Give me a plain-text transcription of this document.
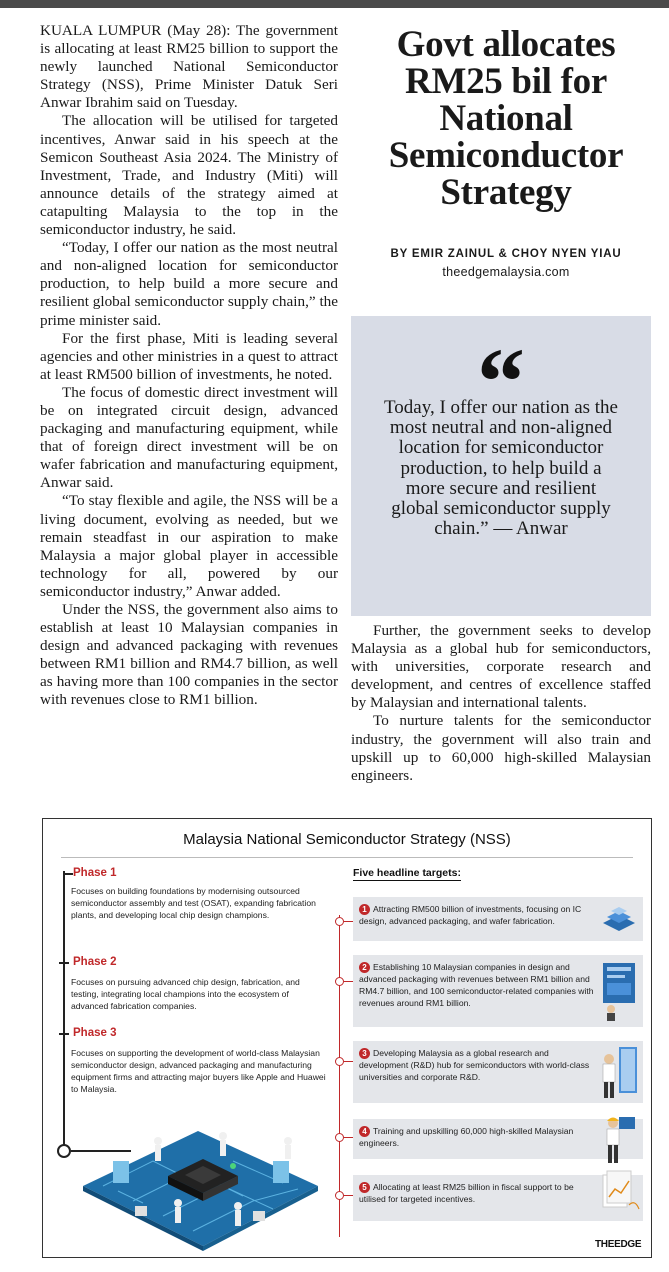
KUALA LUMPUR (May 28): The government is allocating at least RM25 billion to support the newly launched National Semiconductor Strategy (NSS), Prime Minister Datuk Seri Anwar Ibrahim said on Tuesday.

The allocation will be utilised for targeted incentives, Anwar said in his speech at the Semicon Southeast Asia 2024. The Ministry of Investment, Trade, and Industry (Miti) will announce details of the strategy aimed at catapulting Malaysia to the top in the semiconductor industry, he said.

“Today, I offer our nation as the most neutral and non-aligned location for semiconductor production, to help build a more secure and resilient global semiconductor supply chain,” the prime minister said.

For the first phase, Miti is leading several agencies and other ministries in a quest to attract at least RM500 billion of investments, he noted.

The focus of domestic direct investment will be on integrated circuit design, advanced packaging and manufacturing equipment, while that of foreign direct investment will be on wafer fabrication and manufacturing equipment, Anwar said.

“To stay flexible and agile, the NSS will be a living document, evolving as needed, but we remain steadfast in our aspiration to make Malaysia a major global player in accessible technology for all, powered by our semiconductor industry,” Anwar added.

Under the NSS, the government also aims to establish at least 10 Malaysian companies in design and advanced packaging with revenues between RM1 billion and RM4.7 billion, as well as having more than 100 companies in the sector with revenues close to RM1 billion.

Govt allocates RM25 bil for National Semiconductor Strategy
BY EMIR ZAINUL & CHOY NYEN YIAU
theedgemalaysia.com
“
Today, I offer our nation as the most neutral and non-aligned location for semiconductor production, to help build a more secure and resilient global semiconductor supply chain.” — Anwar

Further, the government seeks to develop Malaysia as a global hub for semiconductors, with universities, corporate research and development, and centres of excellence staffed by Malaysian and international talents.

To nurture talents for the semiconductor industry, the government will also train and upskill up to 60,000 high-skilled Malaysian engineers.

Malaysia National Semiconductor Strategy (NSS)
Phase 1
Focuses on building foundations by modernising outsourced semiconductor assembly and test (OSAT), expanding fabrication plants, and developing local chip design champions.
Phase 2
Focuses on pursuing advanced chip design, fabrication, and testing, integrating local champions into the ecosystem of advanced fabrication companies.
Phase 3
Focuses on supporting the development of world-class Malaysian semiconductor design, advanced packaging and manufacturing equipment firms and attracting major buyers like Apple and Huawei to Malaysia.
Five headline targets:
1 Attracting RM500 billion of investments, focusing on IC design, advanced packaging, and wafer fabrication.
2 Establishing 10 Malaysian companies in design and advanced packaging with revenues between RM1 billion and RM4.7 billion, and 100 semiconductor-related companies with revenues around RM1 billion.
3 Developing Malaysia as a global research and development (R&D) hub for semiconductors with world-class universities and corporate R&D.
4 Training and upskilling 60,000 high-skilled Malaysian engineers.
5 Allocating at least RM25 billion in fiscal support to be utilised for targeted incentives.
THEEDGE
